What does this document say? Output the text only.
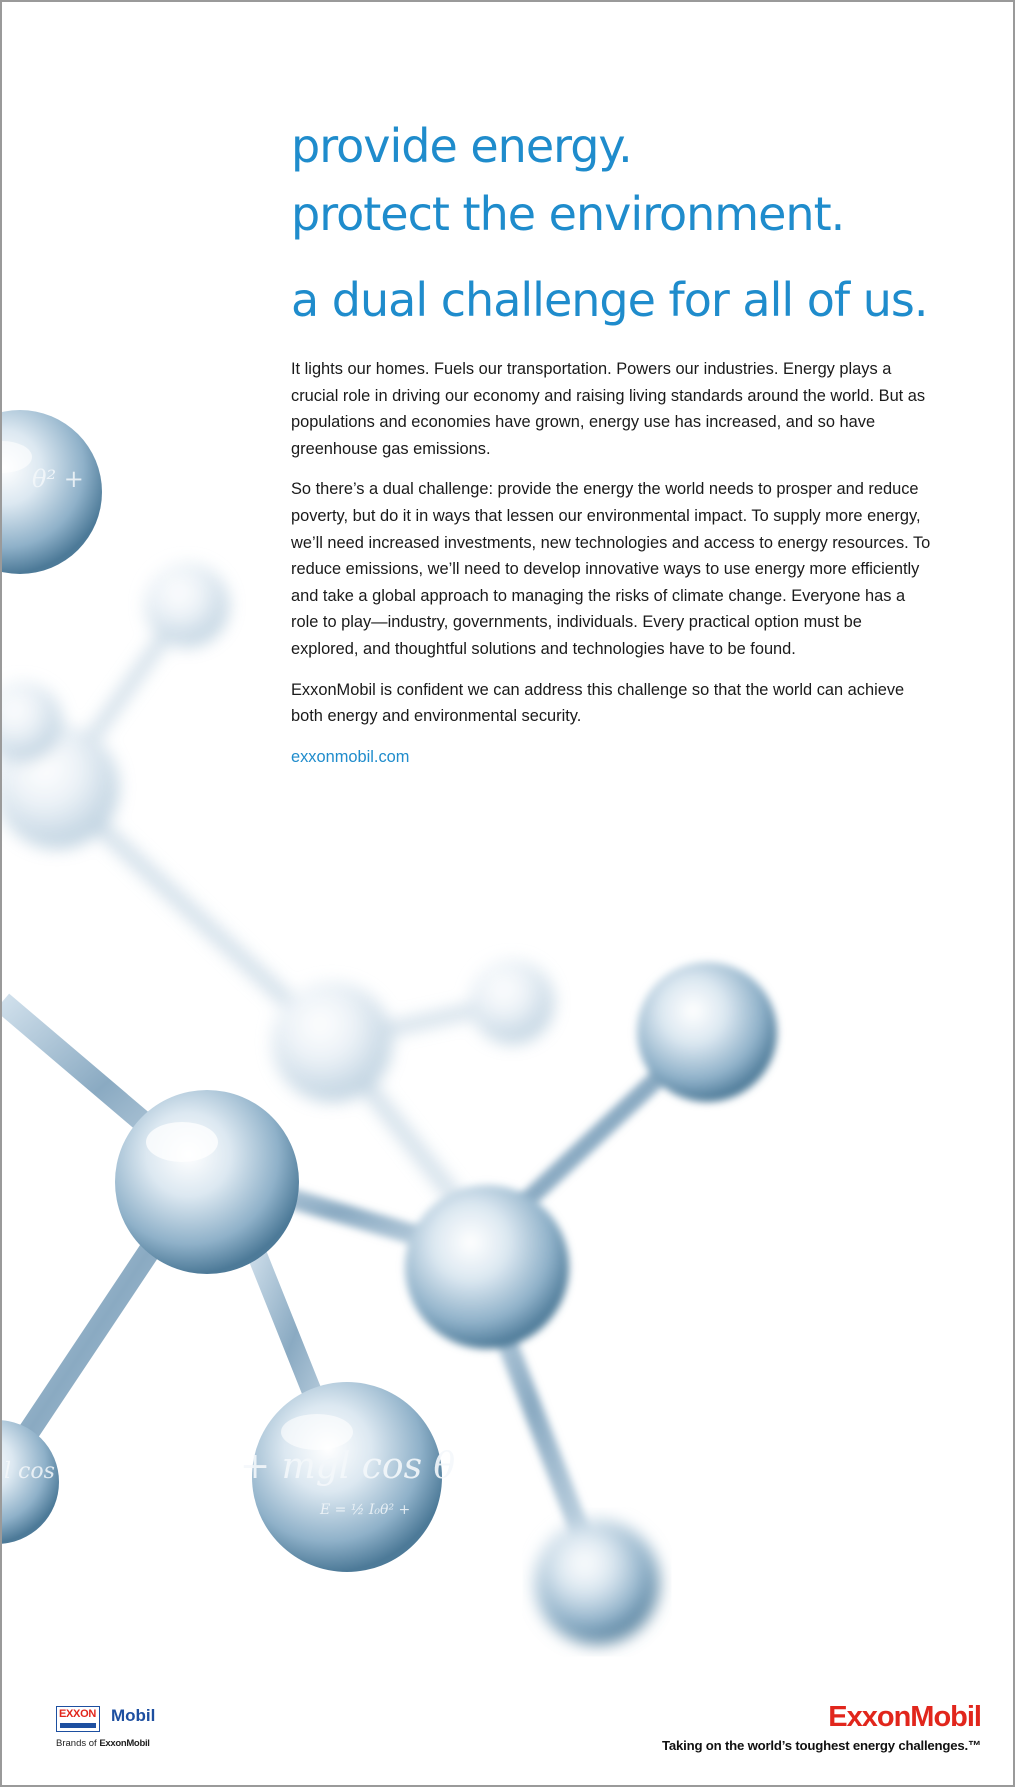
+ mgl cos θ
E = ½ I₀θ² +
l cos
θ² +
provide energy.
protect the environment.
a dual challenge for all of us.

It lights our homes. Fuels our transportation. Powers our industries. Energy plays a crucial role in driving our economy and raising living standards around the world. But as populations and economies have grown, energy use has increased, and so have greenhouse gas emissions.

So there’s a dual challenge: provide the energy the world needs to prosper and reduce poverty, but do it in ways that lessen our environmental impact. To supply more energy, we’ll need increased investments, new technologies and access to energy resources. To reduce emissions, we’ll need to develop innovative ways to use energy more efficiently and take a global approach to managing the risks of climate change. Everyone has a role to play—industry, governments, individuals. Every practical option must be explored, and thoughtful solutions and technologies have to be found.

ExxonMobil is confident we can address this challenge so that the world can achieve both energy and environmental security.

exxonmobil.com
EXXON Mobil
Brands of ExxonMobil
ExxonMobil
Taking on the world’s toughest energy challenges.™
